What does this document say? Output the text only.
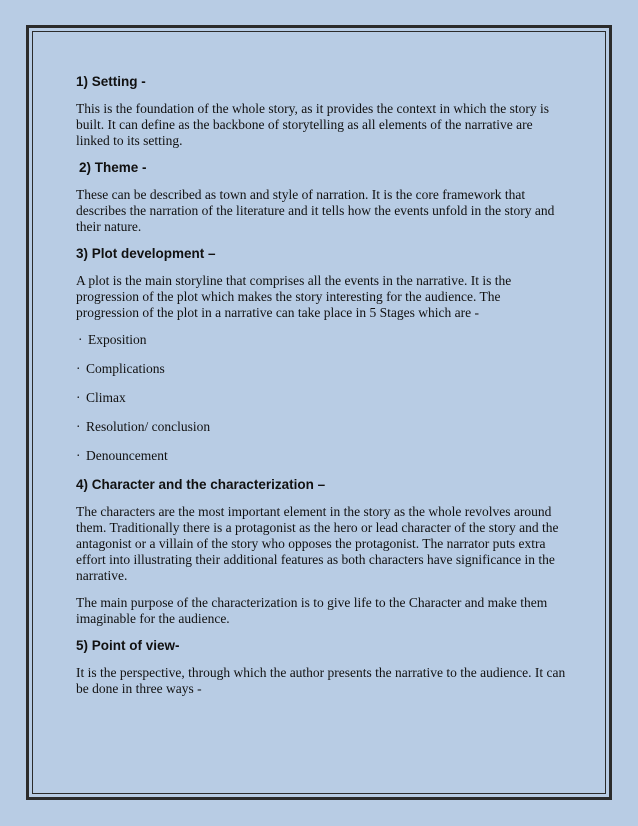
1) Setting -

This is the foundation of the whole story, as it provides the context in which the story is built. It can define as the backbone of storytelling as all elements of the narrative are linked to its setting.

2) Theme -

These can be described as town and style of narration. It is the core framework that describes the narration of the literature and it tells how the events unfold in the story and their nature.

3) Plot development –

A plot is the main storyline that comprises all the events in the narrative. It is the progression of the plot which makes the story interesting for the audience. The progression of the plot in a narrative can take place in 5 Stages which are -

· Exposition
· Complications
· Climax
· Resolution/ conclusion
· Denouncement
4) Character and the characterization –

The characters are the most important element in the story as the whole revolves around them. Traditionally there is a protagonist as the hero or lead character of the story and the antagonist or a villain of the story who opposes the protagonist. The narrator puts extra effort into illustrating their additional features as both characters have significance in the narrative.

The main purpose of the characterization is to give life to the Character and make them imaginable for the audience.

5) Point of view-

It is the perspective, through which the author presents the narrative to the audience. It can be done in three ways -
